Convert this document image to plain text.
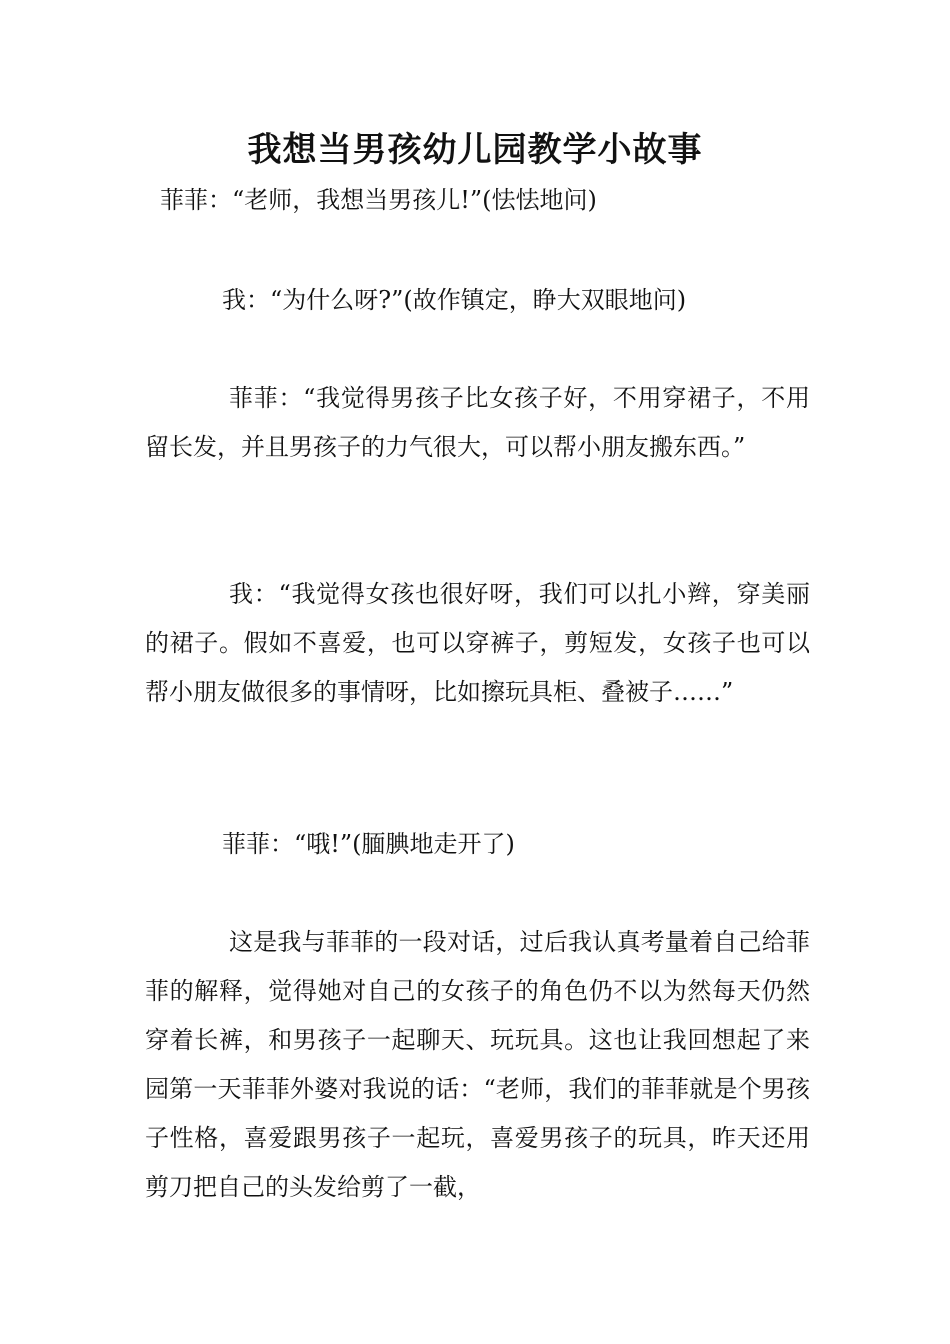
我想当男孩幼儿园教学小故事

菲菲：“老师，我想当男孩儿!”(怯怯地问)

我：“为什么呀?”(故作镇定，睁大双眼地问)

菲菲：“我觉得男孩子比女孩子好，不用穿裙子，不用留长发，并且男孩子的力气很大，可以帮小朋友搬东西。”

我：“我觉得女孩也很好呀，我们可以扎小辫，穿美丽的裙子。假如不喜爱，也可以穿裤子，剪短发，女孩子也可以帮小朋友做很多的事情呀，比如擦玩具柜、叠被子……”

菲菲：“哦!”(腼腆地走开了)

这是我与菲菲的一段对话，过后我认真考量着自己给菲菲的解释，觉得她对自己的女孩子的角色仍不以为然每天仍然穿着长裤，和男孩子一起聊天、玩玩具。这也让我回想起了来园第一天菲菲外婆对我说的话：“老师，我们的菲菲就是个男孩子性格，喜爱跟男孩子一起玩，喜爱男孩子的玩具，昨天还用剪刀把自己的头发给剪了一截，
